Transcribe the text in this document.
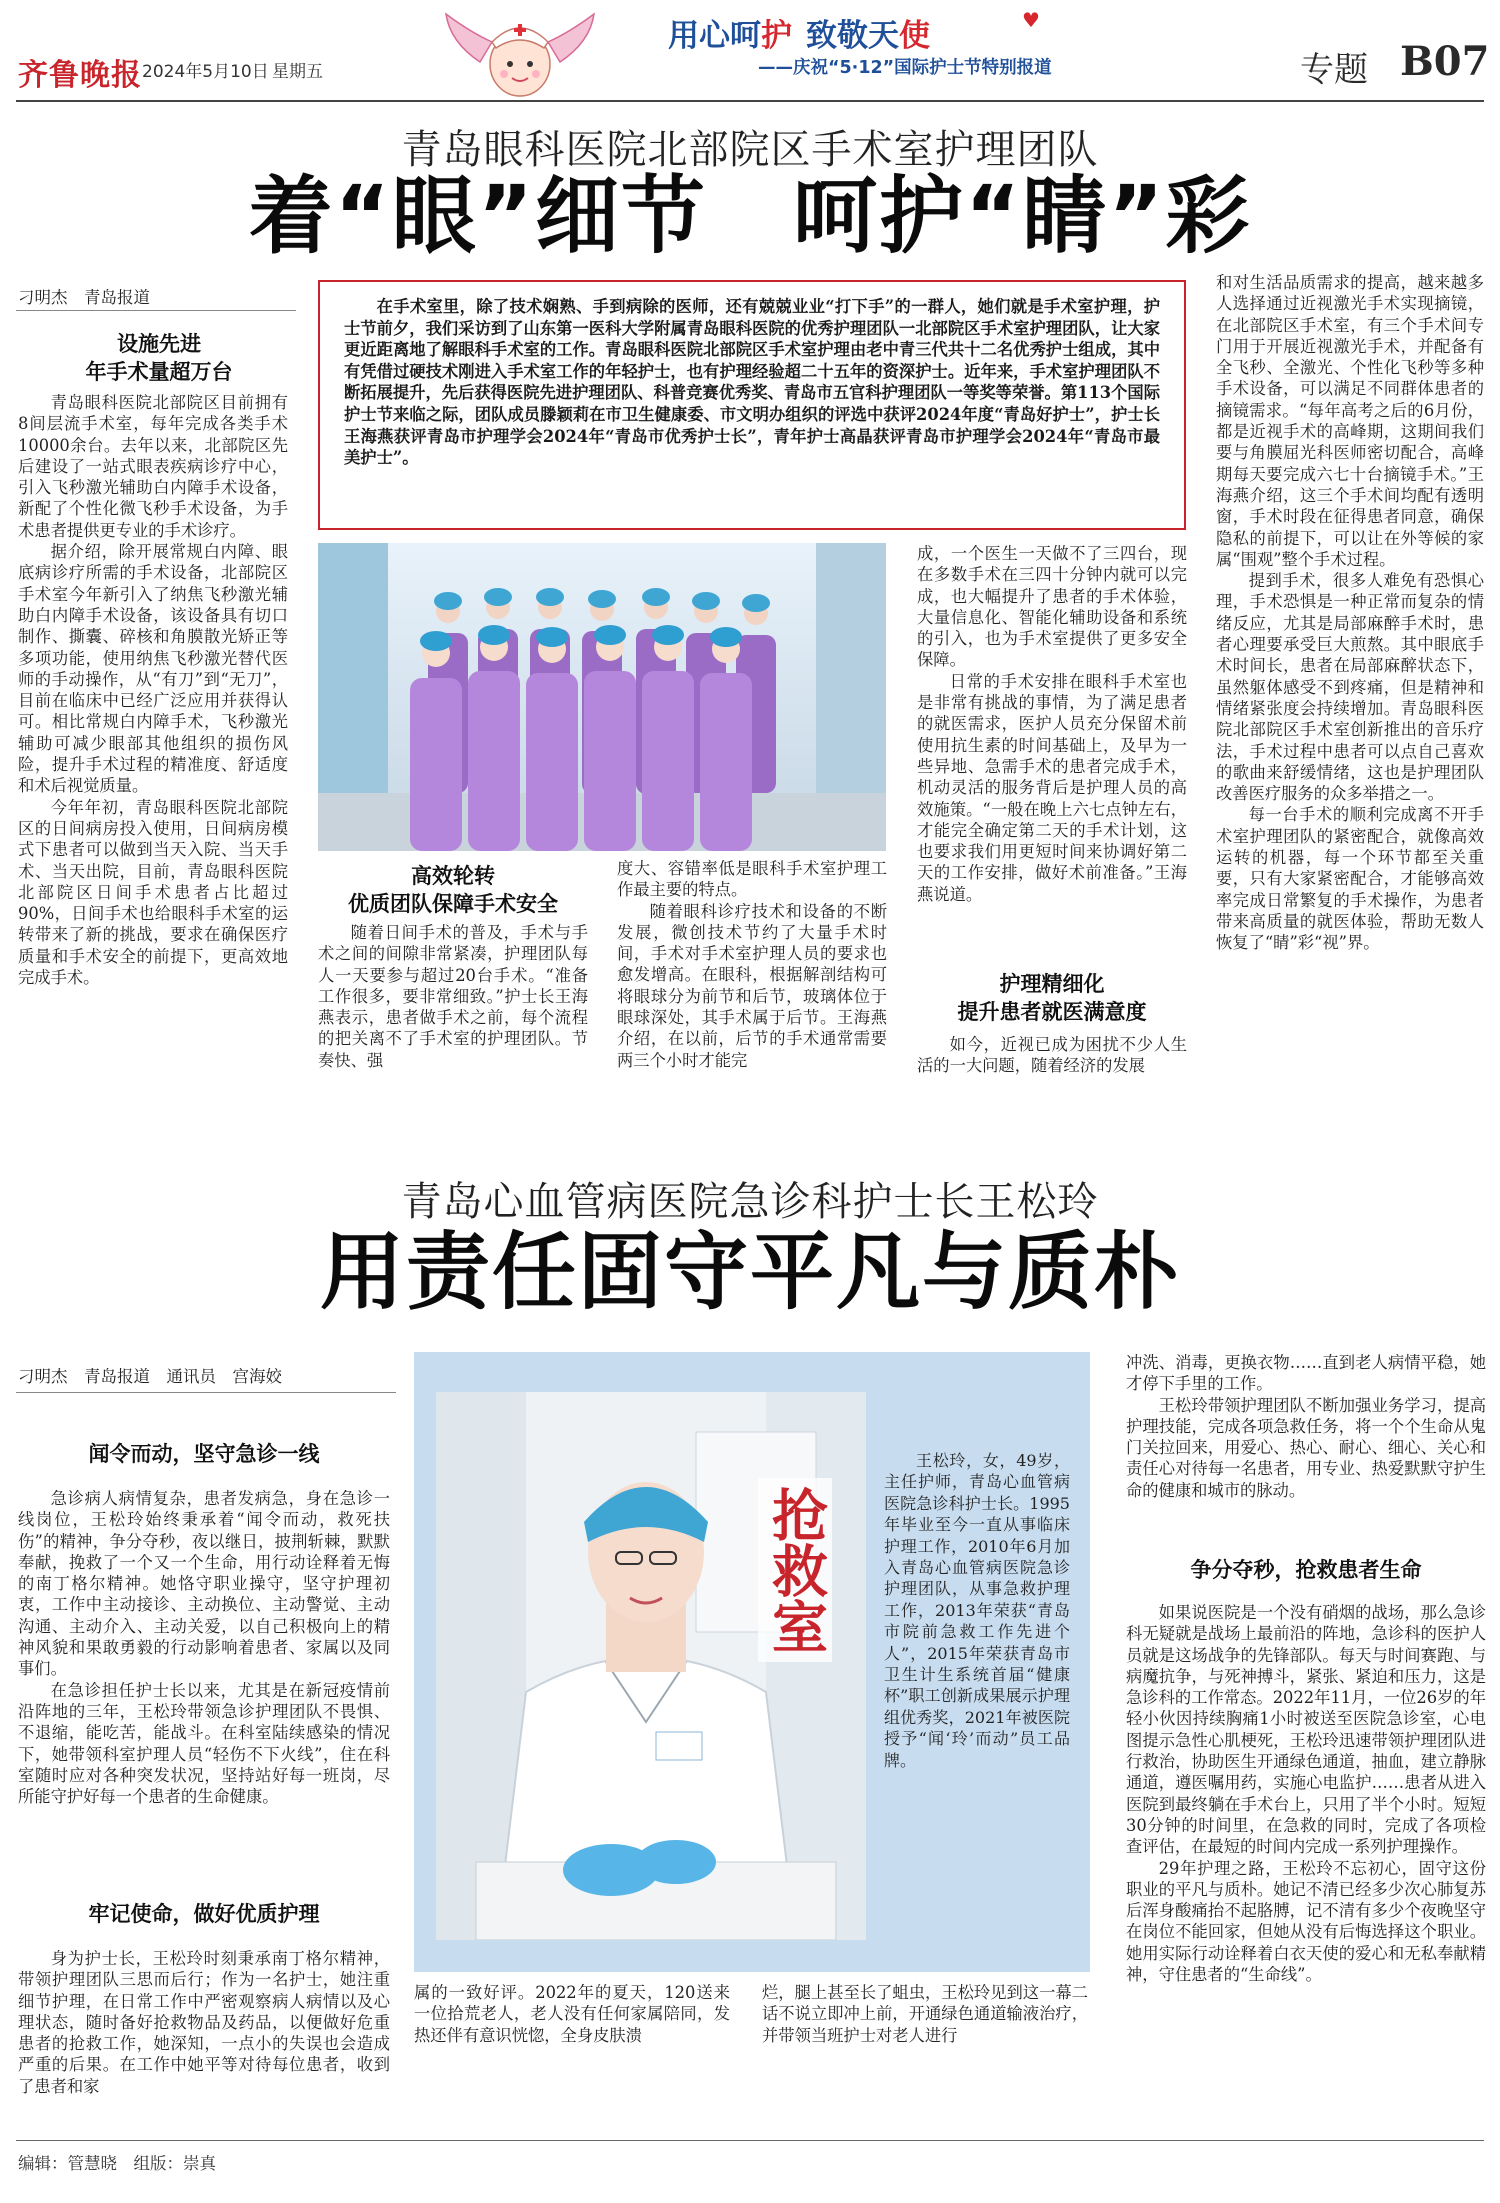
齐鲁晚报 2024年5月10日 星期五
用心呵护 致敬天使	♥
——庆祝“5·12”国际护士节特别报道	专题 B07
青岛眼科医院北部院区手术室护理团队
着“眼”细节　呵护“睛”彩
刁明杰　青岛报道
设施先进
年手术量超万台

青岛眼科医院北部院区目前拥有8间层流手术室，每年完成各类手术10000余台。去年以来，北部院区先后建设了一站式眼表疾病诊疗中心，引入飞秒激光辅助白内障手术设备，新配了个性化微飞秒手术设备，为手术患者提供更专业的手术诊疗。

据介绍，除开展常规白内障、眼底病诊疗所需的手术设备，北部院区手术室今年新引入了纳焦飞秒激光辅助白内障手术设备，该设备具有切口制作、撕囊、碎核和角膜散光矫正等多项功能，使用纳焦飞秒激光替代医师的手动操作，从“有刀”到“无刀”，目前在临床中已经广泛应用并获得认可。相比常规白内障手术，飞秒激光辅助可减少眼部其他组织的损伤风险，提升手术过程的精准度、舒适度和术后视觉质量。

今年年初，青岛眼科医院北部院区的日间病房投入使用，日间病房模式下患者可以做到当天入院、当天手术、当天出院，目前，青岛眼科医院北部院区日间手术患者占比超过90%，日间手术也给眼科手术室的运转带来了新的挑战，要求在确保医疗质量和手术安全的前提下，更高效地完成手术。

在手术室里，除了技术娴熟、手到病除的医师，还有兢兢业业“打下手”的一群人，她们就是手术室护理，护士节前夕，我们采访到了山东第一医科大学附属青岛眼科医院的优秀护理团队一北部院区手术室护理团队，让大家更近距离地了解眼科手术室的工作。青岛眼科医院北部院区手术室护理由老中青三代共十二名优秀护士组成，其中有凭借过硬技术刚进入手术室工作的年轻护士，也有护理经验超二十五年的资深护士。近年来，手术室护理团队不断拓展提升，先后获得医院先进护理团队、科普竞赛优秀奖、青岛市五官科护理团队一等奖等荣誉。第113个国际护士节来临之际，团队成员滕颖莉在市卫生健康委、市文明办组织的评选中获评2024年度“青岛好护士”，护士长王海燕获评青岛市护理学会2024年“青岛市优秀护士长”，青年护士高晶获评青岛市护理学会2024年“青岛市最美护士”。

成，一个医生一天做不了三四台，现在多数手术在三四十分钟内就可以完成，也大幅提升了患者的手术体验，大量信息化、智能化辅助设备和系统的引入，也为手术室提供了更多安全保障。

日常的手术安排在眼科手术室也是非常有挑战的事情，为了满足患者的就医需求，医护人员充分保留术前使用抗生素的时间基础上，及早为一些异地、急需手术的患者完成手术，机动灵活的服务背后是护理人员的高效施策。“一般在晚上六七点钟左右，才能完全确定第二天的手术计划，这也要求我们用更短时间来协调好第二天的工作安排，做好术前准备。”王海燕说道。

高效轮转
优质团队保障手术安全

随着日间手术的普及，手术与手术之间的间隙非常紧凑，护理团队每人一天要参与超过20台手术。“准备工作很多，要非常细致。”护士长王海燕表示，患者做手术之前，每个流程的把关离不了手术室的护理团队。节奏快、强

度大、容错率低是眼科手术室护理工作最主要的特点。

随着眼科诊疗技术和设备的不断发展，微创技术节约了大量手术时间，手术对手术室护理人员的要求也愈发增高。在眼科，根据解剖结构可将眼球分为前节和后节，玻璃体位于眼球深处，其手术属于后节。王海燕介绍，在以前，后节的手术通常需要两三个小时才能完

护理精细化
提升患者就医满意度

如今，近视已成为困扰不少人生活的一大问题，随着经济的发展

和对生活品质需求的提高，越来越多人选择通过近视激光手术实现摘镜，在北部院区手术室，有三个手术间专门用于开展近视激光手术，并配备有全飞秒、全激光、个性化飞秒等多种手术设备，可以满足不同群体患者的摘镜需求。“每年高考之后的6月份，都是近视手术的高峰期，这期间我们要与角膜屈光科医师密切配合，高峰期每天要完成六七十台摘镜手术。”王海燕介绍，这三个手术间均配有透明窗，手术时段在征得患者同意，确保隐私的前提下，可以让在外等候的家属“围观”整个手术过程。

提到手术，很多人难免有恐惧心理，手术恐惧是一种正常而复杂的情绪反应，尤其是局部麻醉手术时，患者心理要承受巨大煎熬。其中眼底手术时间长，患者在局部麻醉状态下，虽然躯体感受不到疼痛，但是精神和情绪紧张度会持续增加。青岛眼科医院北部院区手术室创新推出的音乐疗法，手术过程中患者可以点自己喜欢的歌曲来舒缓情绪，这也是护理团队改善医疗服务的众多举措之一。

每一台手术的顺利完成离不开手术室护理团队的紧密配合，就像高效运转的机器，每一个环节都至关重要，只有大家紧密配合，才能够高效率完成日常繁复的手术操作，为患者带来高质量的就医体验，帮助无数人恢复了“睛”彩“视”界。

青岛心血管病医院急诊科护士长王松玲
用责任固守平凡与质朴
刁明杰　青岛报道　通讯员　宫海姣
闻令而动，坚守急诊一线

急诊病人病情复杂，患者发病急，身在急诊一线岗位，王松玲始终秉承着“闻令而动，救死扶伤”的精神，争分夺秒，夜以继日，披荆斩棘，默默奉献，挽救了一个又一个生命，用行动诠释着无悔的南丁格尔精神。她恪守职业操守，坚守护理初衷，工作中主动接诊、主动换位、主动警觉、主动沟通、主动介入、主动关爱，以自己积极向上的精神风貌和果敢勇毅的行动影响着患者、家属以及同事们。

在急诊担任护士长以来，尤其是在新冠疫情前沿阵地的三年，王松玲带领急诊护理团队不畏惧、不退缩，能吃苦，能战斗。在科室陆续感染的情况下，她带领科室护理人员“轻伤不下火线”，住在科室随时应对各种突发状况，坚持站好每一班岗，尽所能守护好每一个患者的生命健康。

牢记使命，做好优质护理

身为护士长，王松玲时刻秉承南丁格尔精神，带领护理团队三思而后行；作为一名护士，她注重细节护理，在日常工作中严密观察病人病情以及心理状态，随时备好抢救物品及药品，以便做好危重患者的抢救工作，她深知，一点小的失误也会造成严重的后果。在工作中她平等对待每位患者，收到了患者和家

抢救室
王松玲，女，49岁，主任护师，青岛心血管病医院急诊科护士长。1995年毕业至今一直从事临床护理工作，2010年6月加入青岛心血管病医院急诊护理团队，从事急救护理工作，2013年荣获“青岛市院前急救工作先进个人”，2015年荣获青岛市卫生计生系统首届“健康杯”职工创新成果展示护理组优秀奖，2021年被医院授予“闻‘玲’而动”员工品牌。

属的一致好评。2022年的夏天，120送来一位拾荒老人，老人没有任何家属陪同，发热还伴有意识恍惚，全身皮肤溃

烂，腿上甚至长了蛆虫，王松玲见到这一幕二话不说立即冲上前，开通绿色通道输液治疗，并带领当班护士对老人进行

冲洗、消毒，更换衣物……直到老人病情平稳，她才停下手里的工作。

王松玲带领护理团队不断加强业务学习，提高护理技能，完成各项急救任务，将一个个生命从鬼门关拉回来，用爱心、热心、耐心、细心、关心和责任心对待每一名患者，用专业、热爱默默守护生命的健康和城市的脉动。

争分夺秒，抢救患者生命

如果说医院是一个没有硝烟的战场，那么急诊科无疑就是战场上最前沿的阵地，急诊科的医护人员就是这场战争的先锋部队。每天与时间赛跑、与病魔抗争，与死神搏斗，紧张、紧迫和压力，这是急诊科的工作常态。2022年11月，一位26岁的年轻小伙因持续胸痛1小时被送至医院急诊室，心电图提示急性心肌梗死，王松玲迅速带领护理团队进行救治，协助医生开通绿色通道，抽血，建立静脉通道，遵医嘱用药，实施心电监护……患者从进入医院到最终躺在手术台上，只用了半个小时。短短30分钟的时间里，在急救的同时，完成了各项检查评估，在最短的时间内完成一系列护理操作。

29年护理之路，王松玲不忘初心，固守这份职业的平凡与质朴。她记不清已经多少次心肺复苏后浑身酸痛抬不起胳膊，记不清有多少个夜晚坚守在岗位不能回家，但她从没有后悔选择这个职业。她用实际行动诠释着白衣天使的爱心和无私奉献精神，守住患者的“生命线”。

编辑：管慧晓　组版：崇真
